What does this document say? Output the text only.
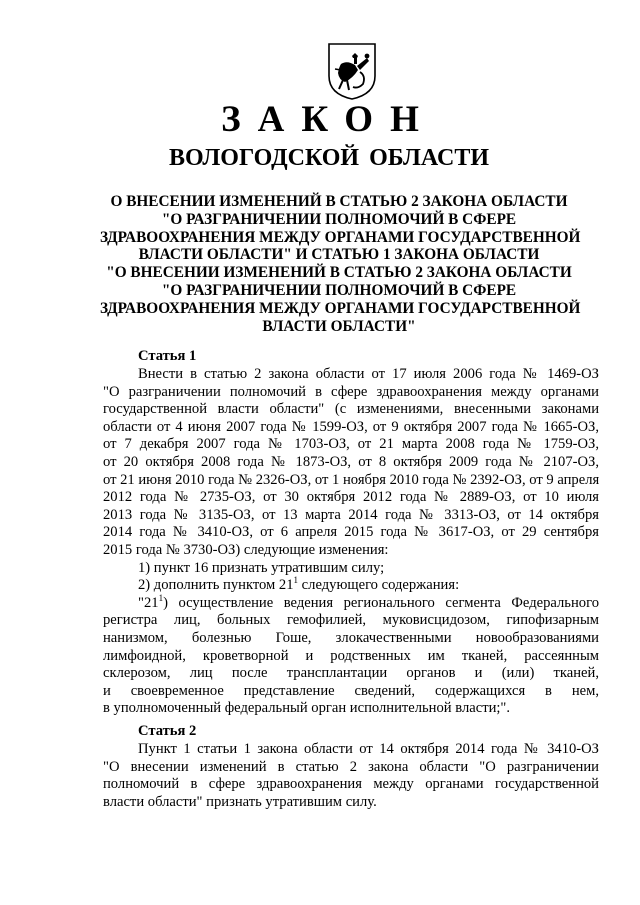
ЗАКОН
ВОЛОГОДСКОЙ ОБЛАСТИ
О ВНЕСЕНИИ ИЗМЕНЕНИЙ В СТАТЬЮ 2 ЗАКОНА ОБЛАСТИ
"О РАЗГРАНИЧЕНИИ ПОЛНОМОЧИЙ В СФЕРЕ
ЗДРАВООХРАНЕНИЯ МЕЖДУ ОРГАНАМИ ГОСУДАРСТВЕННОЙ
ВЛАСТИ ОБЛАСТИ" И СТАТЬЮ 1 ЗАКОНА ОБЛАСТИ
"О ВНЕСЕНИИ ИЗМЕНЕНИЙ В СТАТЬЮ 2 ЗАКОНА ОБЛАСТИ
"О РАЗГРАНИЧЕНИИ ПОЛНОМОЧИЙ В СФЕРЕ
ЗДРАВООХРАНЕНИЯ МЕЖДУ ОРГАНАМИ ГОСУДАРСТВЕННОЙ
ВЛАСТИ ОБЛАСТИ"
Статья 1
Внести в статью 2 закона области от 17 июля 2006 года № 1469-ОЗ
"О разграничении полномочий в сфере здравоохранения между органами
государственной власти области" (с изменениями, внесенными законами
области от 4 июня 2007 года № 1599-ОЗ, от 9 октября 2007 года № 1665-ОЗ,
от 7 декабря 2007 года № 1703-ОЗ, от 21 марта 2008 года № 1759-ОЗ,
от 20 октября 2008 года № 1873-ОЗ, от 8 октября 2009 года № 2107-ОЗ,
от 21 июня 2010 года № 2326-ОЗ, от 1 ноября 2010 года № 2392-ОЗ, от 9 апреля
2012 года № 2735-ОЗ, от 30 октября 2012 года № 2889-ОЗ, от 10 июля
2013 года № 3135-ОЗ, от 13 марта 2014 года № 3313-ОЗ, от 14 октября
2014 года № 3410-ОЗ, от 6 апреля 2015 года № 3617-ОЗ, от 29 сентября
2015 года № 3730-ОЗ) следующие изменения:
1) пункт 16 признать утратившим силу;
2) дополнить пунктом $21^1$ следующего содержания:
"$21^1$) осуществление ведения регионального сегмента Федерального
регистра лиц, больных гемофилией, муковисцидозом, гипофизарным
нанизмом, болезнью Гоше, злокачественными новообразованиями
лимфоидной, кроветворной и родственных им тканей, рассеянным
склерозом, лиц после трансплантации органов и (или) тканей,
и своевременное представление сведений, содержащихся в нем,
в уполномоченный федеральный орган исполнительной власти;".
Статья 2
Пункт 1 статьи 1 закона области от 14 октября 2014 года № 3410-ОЗ
"О внесении изменений в статью 2 закона области "О разграничении
полномочий в сфере здравоохранения между органами государственной
власти области" признать утратившим силу.
